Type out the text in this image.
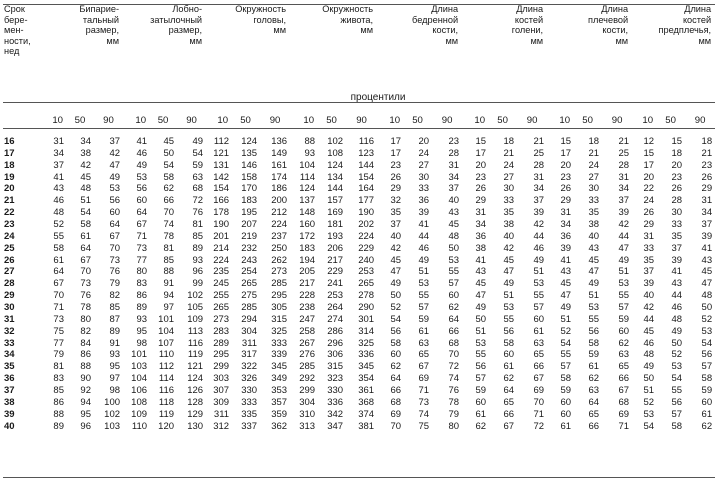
Срок
бере-
мен-
ности,
нед	Бипарие-
тальный
размер,
мм			Лобно-
затылочный
размер,
мм			Окружность
головы,
мм			Окружность
живота,
мм			Длина
бедренной
кости,
мм			Длина
костей
голени,
мм			Длина
плечевой
кости,
мм			Длина
костей
предплечья,
мм		

	процентили																							
	10	50	90	10	50	90	10	50	90	10	50	90	10	50	90	10	50	90	10	50	90	10	50	90
16	31	34	37	41	45	49	112	124	136	88	102	116	17	20	23	15	18	21	15	18	21	12	15	18
17	34	38	42	46	50	54	121	135	149	93	108	123	17	24	28	17	21	25	17	21	25	15	18	21
18	37	42	47	49	54	59	131	146	161	104	124	144	23	27	31	20	24	28	20	24	28	17	20	23
19	41	45	49	53	58	63	142	158	174	114	134	154	26	30	34	23	27	31	23	27	31	20	23	26
20	43	48	53	56	62	68	154	170	186	124	144	164	29	33	37	26	30	34	26	30	34	22	26	29
21	46	51	56	60	66	72	166	183	200	137	157	177	32	36	40	29	33	37	29	33	37	24	28	31
22	48	54	60	64	70	76	178	195	212	148	169	190	35	39	43	31	35	39	31	35	39	26	30	34
23	52	58	64	67	74	81	190	207	224	160	181	202	37	41	45	34	38	42	34	38	42	29	33	37
24	55	61	67	71	78	85	201	219	237	172	193	224	40	44	48	36	40	44	36	40	44	31	35	39
25	58	64	70	73	81	89	214	232	250	183	206	229	42	46	50	38	42	46	39	43	47	33	37	41
26	61	67	73	77	85	93	224	243	262	194	217	240	45	49	53	41	45	49	41	45	49	35	39	43
27	64	70	76	80	88	96	235	254	273	205	229	253	47	51	55	43	47	51	43	47	51	37	41	45
28	67	73	79	83	91	99	245	265	285	217	241	265	49	53	57	45	49	53	45	49	53	39	43	47
29	70	76	82	86	94	102	255	275	295	228	253	278	50	55	60	47	51	55	47	51	55	40	44	48
30	71	78	85	89	97	105	265	285	305	238	264	290	52	57	62	49	53	57	49	53	57	42	46	50
31	73	80	87	93	101	109	273	294	315	247	274	301	54	59	64	50	55	60	51	55	59	44	48	52
32	75	82	89	95	104	113	283	304	325	258	286	314	56	61	66	51	56	61	52	56	60	45	49	53
33	77	84	91	98	107	116	289	311	333	267	296	325	58	63	68	53	58	63	54	58	62	46	50	54
34	79	86	93	101	110	119	295	317	339	276	306	336	60	65	70	55	60	65	55	59	63	48	52	56
35	81	88	95	103	112	121	299	322	345	285	315	345	62	67	72	56	61	66	57	61	65	49	53	57
36	83	90	97	104	114	124	303	326	349	292	323	354	64	69	74	57	62	67	58	62	66	50	54	58
37	85	92	98	106	116	126	307	330	353	299	330	361	66	71	76	59	64	69	59	63	67	51	55	59
38	86	94	100	108	118	128	309	333	357	304	336	368	68	73	78	60	65	70	60	64	68	52	56	60
39	88	95	102	109	119	129	311	335	359	310	342	374	69	74	79	61	66	71	60	65	69	53	57	61
40	89	96	103	110	120	130	312	337	362	313	347	381	70	75	80	62	67	72	61	66	71	54	58	62
